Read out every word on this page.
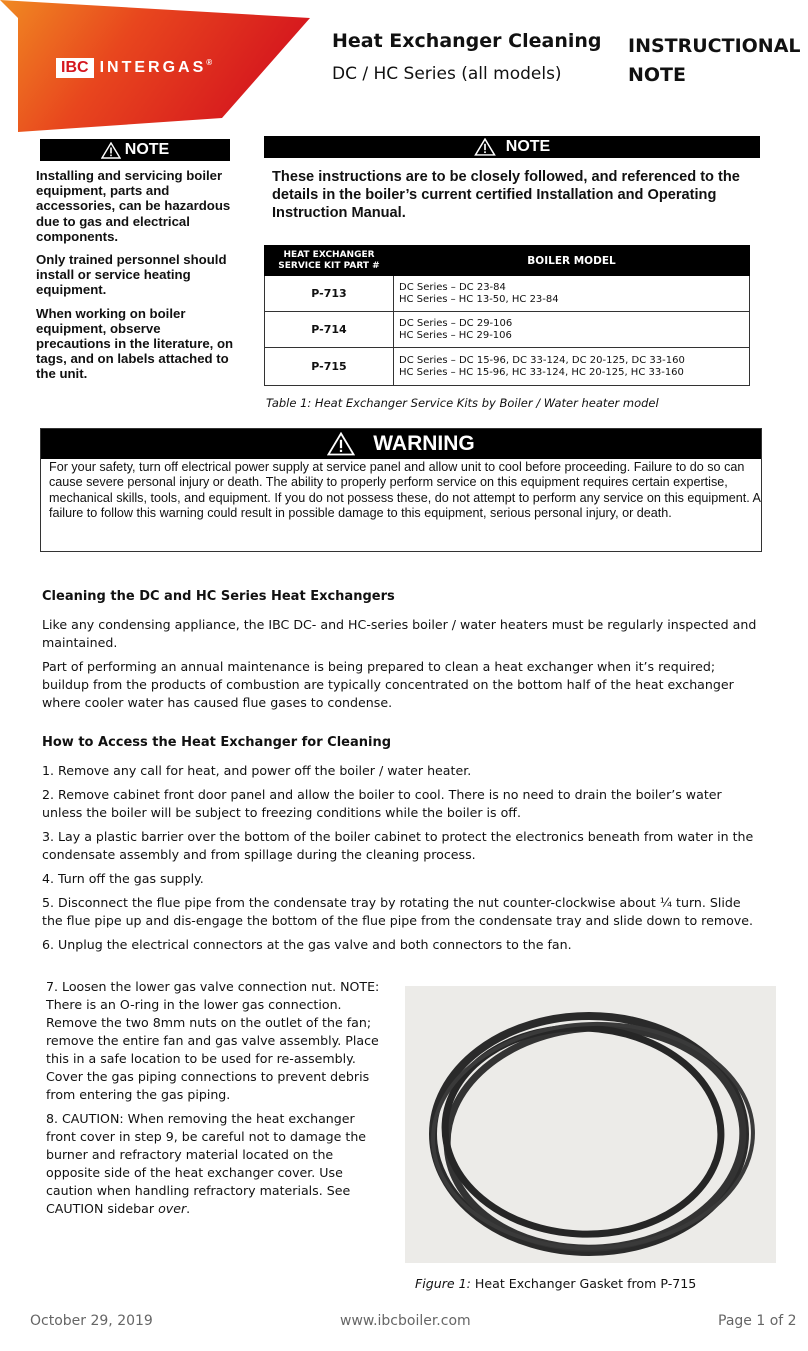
IBC INTERGAS ®
Heat Exchanger Cleaning
DC / HC Series (all models)
INSTRUCTIONAL
NOTE
NOTE

Installing and servicing boiler equipment, parts and accessories, can be hazardous due to gas and electrical components.

Only trained personnel should install or service heating equipment.

When working on boiler equipment, observe precautions in the literature, on tags, and on labels attached to the unit.

NOTE
These instructions are to be closely followed, and referenced to the details in the boiler’s current certified Installation and Operating Instruction Manual.
HEAT EXCHANGER SERVICE KIT PART #	BOILER MODEL
P-713	DC Series – DC 23-84
HC Series – HC 13-50, HC 23-84

P-714	DC Series – DC 29-106
HC Series – HC 29-106

P-715	DC Series – DC 15-96, DC 33-124, DC 20-125, DC 33-160
HC Series – HC 15-96, HC 33-124, HC 20-125, HC 33-160
Table 1: Heat Exchanger Service Kits by Boiler / Water heater model
WARNING
For your safety, turn off electrical power supply at service panel and allow unit to cool before proceeding. Failure to do so can cause severe personal injury or death. The ability to properly perform service on this equipment requires certain expertise, mechanical skills, tools, and equipment. If you do not possess these, do not attempt to perform any service on this equipment. A failure to follow this warning could result in possible damage to this equipment, serious personal injury, or death.
Cleaning the DC and HC Series Heat Exchangers

Like any condensing appliance, the IBC DC- and HC-series boiler / water heaters must be regularly inspected and maintained.

Part of performing an annual maintenance is being prepared to clean a heat exchanger when it’s required; buildup from the products of combustion are typically concentrated on the bottom half of the heat exchanger where cooler water has caused flue gases to condense.

How to Access the Heat Exchanger for Cleaning

1. Remove any call for heat, and power off the boiler / water heater.

2. Remove cabinet front door panel and allow the boiler to cool. There is no need to drain the boiler’s water unless the boiler will be subject to freezing conditions while the boiler is off.

3. Lay a plastic barrier over the bottom of the boiler cabinet to protect the electronics beneath from water in the condensate assembly and from spillage during the cleaning process.

4. Turn off the gas supply.

5. Disconnect the flue pipe from the condensate tray by rotating the nut counter-clockwise about ¼ turn. Slide the flue pipe up and dis-engage the bottom of the flue pipe from the condensate tray and slide down to remove.

6. Unplug the electrical connectors at the gas valve and both connectors to the fan.

7. Loosen the lower gas valve connection nut. NOTE: There is an O-ring in the lower gas connection. Remove the two 8mm nuts on the outlet of the fan; remove the entire fan and gas valve assembly. Place this in a safe location to be used for re-assembly. Cover the gas piping connections to prevent debris from entering the gas piping.

8. CAUTION: When removing the heat exchanger front cover in step 9, be careful not to damage the burner and refractory material located on the opposite side of the heat exchanger cover. Use caution when handling refractory materials. See CAUTION sidebar over.

Figure 1: Heat Exchanger Gasket from P-715
October 29, 2019	www.ibcboiler.com	Page 1 of 2
